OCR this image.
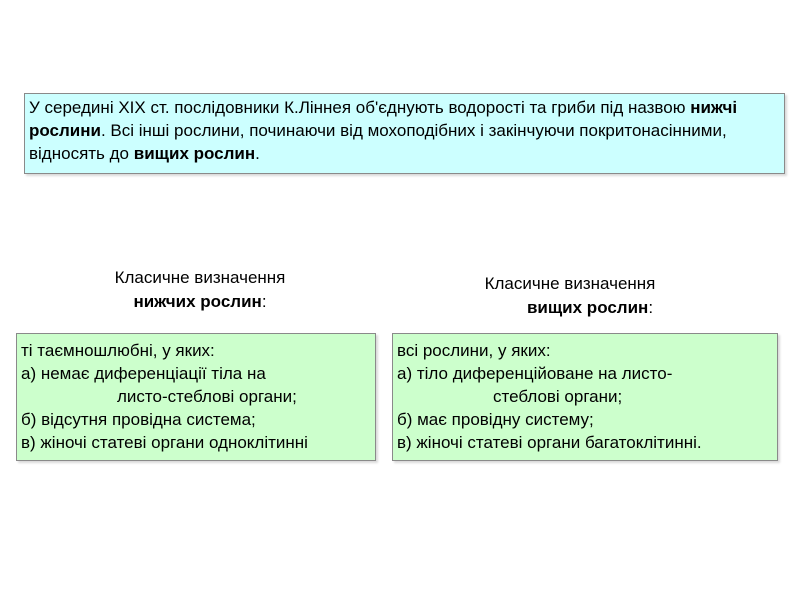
У середині XIX ст. послідовники К.Ліннея об'єднують водорості та гриби під назвою нижчі рослини. Всі інші рослини, починаючи від мохоподібних і закінчуючи покритонасінними, відносять до вищих рослин.
Класичне визначення
нижчих рослин:
Класичне визначення
вищих рослин:
ті таємношлюбні, у яких:
а) немає диференціації тіла на
листо-стеблові органи;
б) відсутня провідна система;
в) жіночі статеві органи одноклітинні
всі рослини, у яких:
а) тіло диференційоване на листо-
стеблові органи;
б) має провідну систему;
в) жіночі статеві органи багатоклітинні.
